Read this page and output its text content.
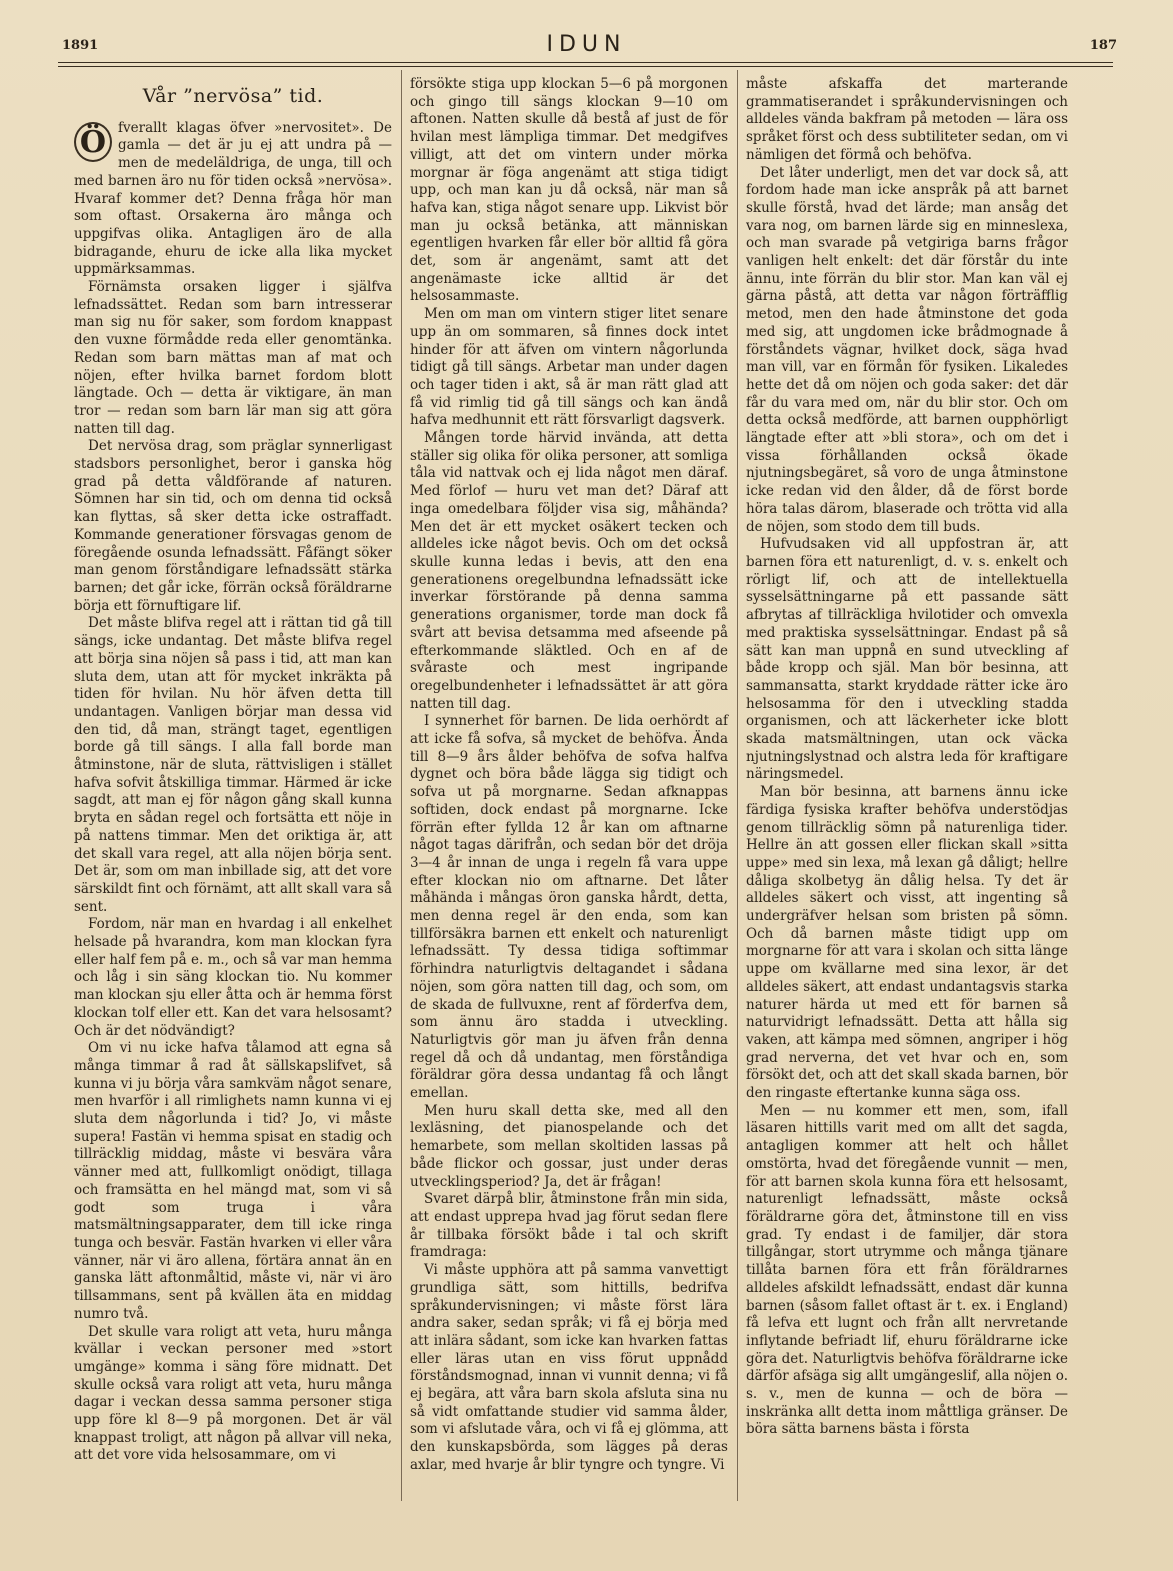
1891	IDUN	187
Vår ”nervösa” tid.
Ö fverallt klagas öfver »nervositet». De gamla — det är ju ej att undra på — men de medeläldriga, de unga, till och med barnen äro nu för tiden också »nervösa». Hvaraf kommer det? Denna fråga hör man som oftast. Orsakerna äro många och uppgifvas olika. Antagligen äro de alla bidragande, ehuru de icke alla lika mycket uppmärksammas.

Förnämsta orsaken ligger i själfva lefnadssättet. Redan som barn intresserar man sig nu för saker, som fordom knappast den vuxne förmådde reda eller genomtänka. Redan som barn mättas man af mat och nöjen, efter hvilka barnet fordom blott längtade. Och — detta är viktigare, än man tror — redan som barn lär man sig att göra natten till dag.

Det nervösa drag, som präglar synnerligast stadsbors personlighet, beror i ganska hög grad på detta våldförande af naturen. Sömnen har sin tid, och om denna tid också kan flyttas, så sker detta icke ostraffadt. Kommande generationer försvagas genom de föregående osunda lefnadssätt. Fåfängt söker man genom förståndigare lefnadssätt stärka barnen; det går icke, förrän också föräldrarne börja ett förnuftigare lif.

Det måste blifva regel att i rättan tid gå till sängs, icke undantag. Det måste blifva regel att börja sina nöjen så pass i tid, att man kan sluta dem, utan att för mycket inkräkta på tiden för hvilan. Nu hör äfven detta till undantagen. Vanligen börjar man dessa vid den tid, då man, strängt taget, egentligen borde gå till sängs. I alla fall borde man åtminstone, när de sluta, rättvisligen i stället hafva sofvit åtskilliga timmar. Härmed är icke sagdt, att man ej för någon gång skall kunna bryta en sådan regel och fortsätta ett nöje in på nattens timmar. Men det oriktiga är, att det skall vara regel, att alla nöjen börja sent. Det är, som om man inbillade sig, att det vore särskildt fint och förnämt, att allt skall vara så sent.

Fordom, när man en hvardag i all enkelhet helsade på hvarandra, kom man klockan fyra eller half fem på e. m., och så var man hemma och låg i sin säng klockan tio. Nu kommer man klockan sju eller åtta och är hemma först klockan tolf eller ett. Kan det vara helsosamt? Och är det nödvändigt?

Om vi nu icke hafva tålamod att egna så många timmar å rad åt sällskapslifvet, så kunna vi ju börja våra samkväm något senare, men hvarför i all rimlighets namn kunna vi ej sluta dem någorlunda i tid? Jo, vi måste supera! Fastän vi hemma spisat en stadig och tillräcklig middag, måste vi besvära våra vänner med att, fullkomligt onödigt, tillaga och framsätta en hel mängd mat, som vi så godt som truga i våra matsmältningsapparater, dem till icke ringa tunga och besvär. Fastän hvarken vi eller våra vänner, när vi äro allena, förtära annat än en ganska lätt aftonmåltid, måste vi, när vi äro tillsammans, sent på kvällen äta en middag numro två.

Det skulle vara roligt att veta, huru många kvällar i veckan personer med »stort umgänge» komma i säng före midnatt. Det skulle också vara roligt att veta, huru många dagar i veckan dessa samma personer stiga upp före kl 8—9 på morgonen. Det är väl knappast troligt, att någon på allvar vill neka, att det vore vida helsosammare, om vi

försökte stiga upp klockan 5—6 på morgonen och gingo till sängs klockan 9—10 om aftonen. Natten skulle då bestå af just de för hvilan mest lämpliga timmar. Det medgifves villigt, att det om vintern under mörka morgnar är föga angenämt att stiga tidigt upp, och man kan ju då också, när man så hafva kan, stiga något senare upp. Likvist bör man ju också betänka, att människan egentligen hvarken får eller bör alltid få göra det, som är angenämt, samt att det angenämaste icke alltid är det helsosammaste.

Men om man om vintern stiger litet senare upp än om sommaren, så finnes dock intet hinder för att äfven om vintern någorlunda tidigt gå till sängs. Arbetar man under dagen och tager tiden i akt, så är man rätt glad att få vid rimlig tid gå till sängs och kan ändå hafva medhunnit ett rätt försvarligt dagsverk.

Mången torde härvid invända, att detta ställer sig olika för olika personer, att somliga tåla vid nattvak och ej lida något men däraf. Med förlof — huru vet man det? Däraf att inga omedelbara följder visa sig, måhända? Men det är ett mycket osäkert tecken och alldeles icke något bevis. Och om det också skulle kunna ledas i bevis, att den ena generationens oregelbundna lefnadssätt icke inverkar förstörande på denna samma generations organismer, torde man dock få svårt att bevisa detsamma med afseende på efterkommande släktled. Och en af de svåraste och mest ingripande oregelbundenheter i lefnadssättet är att göra natten till dag.

I synnerhet för barnen. De lida oerhördt af att icke få sofva, så mycket de behöfva. Ända till 8—9 års ålder behöfva de sofva halfva dygnet och böra både lägga sig tidigt och sofva ut på morgnarne. Sedan afknappas softiden, dock endast på morgnarne. Icke förrän efter fyllda 12 år kan om aftnarne något tagas därifrån, och sedan bör det dröja 3—4 år innan de unga i regeln få vara uppe efter klockan nio om aftnarne. Det låter måhända i mångas öron ganska hårdt, detta, men denna regel är den enda, som kan tillförsäkra barnen ett enkelt och naturenligt lefnadssätt. Ty dessa tidiga softimmar förhindra naturligtvis deltagandet i sådana nöjen, som göra natten till dag, och som, om de skada de fullvuxne, rent af förderfva dem, som ännu äro stadda i utveckling. Naturligtvis gör man ju äfven från denna regel då och då undantag, men förståndiga föräldrar göra dessa undantag få och långt emellan.

Men huru skall detta ske, med all den lexläsning, det pianospelande och det hemarbete, som mellan skoltiden lassas på både flickor och gossar, just under deras utvecklingsperiod? Ja, det är frågan!

Svaret därpå blir, åtminstone från min sida, att endast upprepa hvad jag förut sedan flere år tillbaka försökt både i tal och skrift framdraga:

Vi måste upphöra att på samma vanvettigt grundliga sätt, som hittills, bedrifva språkundervisningen; vi måste först lära andra saker, sedan språk; vi få ej börja med att inlära sådant, som icke kan hvarken fattas eller läras utan en viss förut uppnådd förståndsmognad, innan vi vunnit denna; vi få ej begära, att våra barn skola afsluta sina nu så vidt omfattande studier vid samma ålder, som vi afslutade våra, och vi få ej glömma, att den kunskapsbörda, som lägges på deras axlar, med hvarje år blir tyngre och tyngre. Vi

måste afskaffa det marterande grammatiserandet i språkundervisningen och alldeles vända bakfram på metoden — lära oss språket först och dess subtiliteter sedan, om vi nämligen det förmå och behöfva.

Det låter underligt, men det var dock så, att fordom hade man icke anspråk på att barnet skulle förstå, hvad det lärde; man ansåg det vara nog, om barnen lärde sig en minneslexa, och man svarade på vetgiriga barns frågor vanligen helt enkelt: det där förstår du inte ännu, inte förrän du blir stor. Man kan väl ej gärna påstå, att detta var någon förträfflig metod, men den hade åtminstone det goda med sig, att ungdomen icke brådmognade å förståndets vägnar, hvilket dock, säga hvad man vill, var en förmån för fysiken. Likaledes hette det då om nöjen och goda saker: det där får du vara med om, när du blir stor. Och om detta också medförde, att barnen oupphörligt längtade efter att »bli stora», och om det i vissa förhållanden också ökade njutningsbegäret, så voro de unga åtminstone icke redan vid den ålder, då de först borde höra talas därom, blaserade och trötta vid alla de nöjen, som stodo dem till buds.

Hufvudsaken vid all uppfostran är, att barnen föra ett naturenligt, d. v. s. enkelt och rörligt lif, och att de intellektuella sysselsättningarne på ett passande sätt afbrytas af tillräckliga hvilotider och omvexla med praktiska sysselsättningar. Endast på så sätt kan man uppnå en sund utveckling af både kropp och själ. Man bör besinna, att sammansatta, starkt kryddade rätter icke äro helsosamma för den i utveckling stadda organismen, och att läckerheter icke blott skada matsmältningen, utan ock väcka njutningslystnad och alstra leda för kraftigare näringsmedel.

Man bör besinna, att barnens ännu icke färdiga fysiska krafter behöfva understödjas genom tillräcklig sömn på naturenliga tider. Hellre än att gossen eller flickan skall »sitta uppe» med sin lexa, må lexan gå dåligt; hellre dåliga skolbetyg än dålig helsa. Ty det är alldeles säkert och visst, att ingenting så undergräfver helsan som bristen på sömn. Och då barnen måste tidigt upp om morgnarne för att vara i skolan och sitta länge uppe om kvällarne med sina lexor, är det alldeles säkert, att endast undantagsvis starka naturer härda ut med ett för barnen så naturvidrigt lefnadssätt. Detta att hålla sig vaken, att kämpa med sömnen, angriper i hög grad nerverna, det vet hvar och en, som försökt det, och att det skall skada barnen, bör den ringaste eftertanke kunna säga oss.

Men — nu kommer ett men, som, ifall läsaren hittills varit med om allt det sagda, antagligen kommer att helt och hållet omstörta, hvad det föregående vunnit — men, för att barnen skola kunna föra ett helsosamt, naturenligt lefnadssätt, måste också föräldrarne göra det, åtminstone till en viss grad. Ty endast i de familjer, där stora tillgångar, stort utrymme och många tjänare tillåta barnen föra ett från föräldrarnes alldeles afskildt lefnadssätt, endast där kunna barnen (såsom fallet oftast är t. ex. i England) få lefva ett lugnt och från allt nervretande inflytande befriadt lif, ehuru föräldrarne icke göra det. Naturligtvis behöfva föräldrarne icke därför afsäga sig allt umgängeslif, alla nöjen o. s. v., men de kunna — och de böra — inskränka allt detta inom måttliga gränser. De böra sätta barnens bästa i första
